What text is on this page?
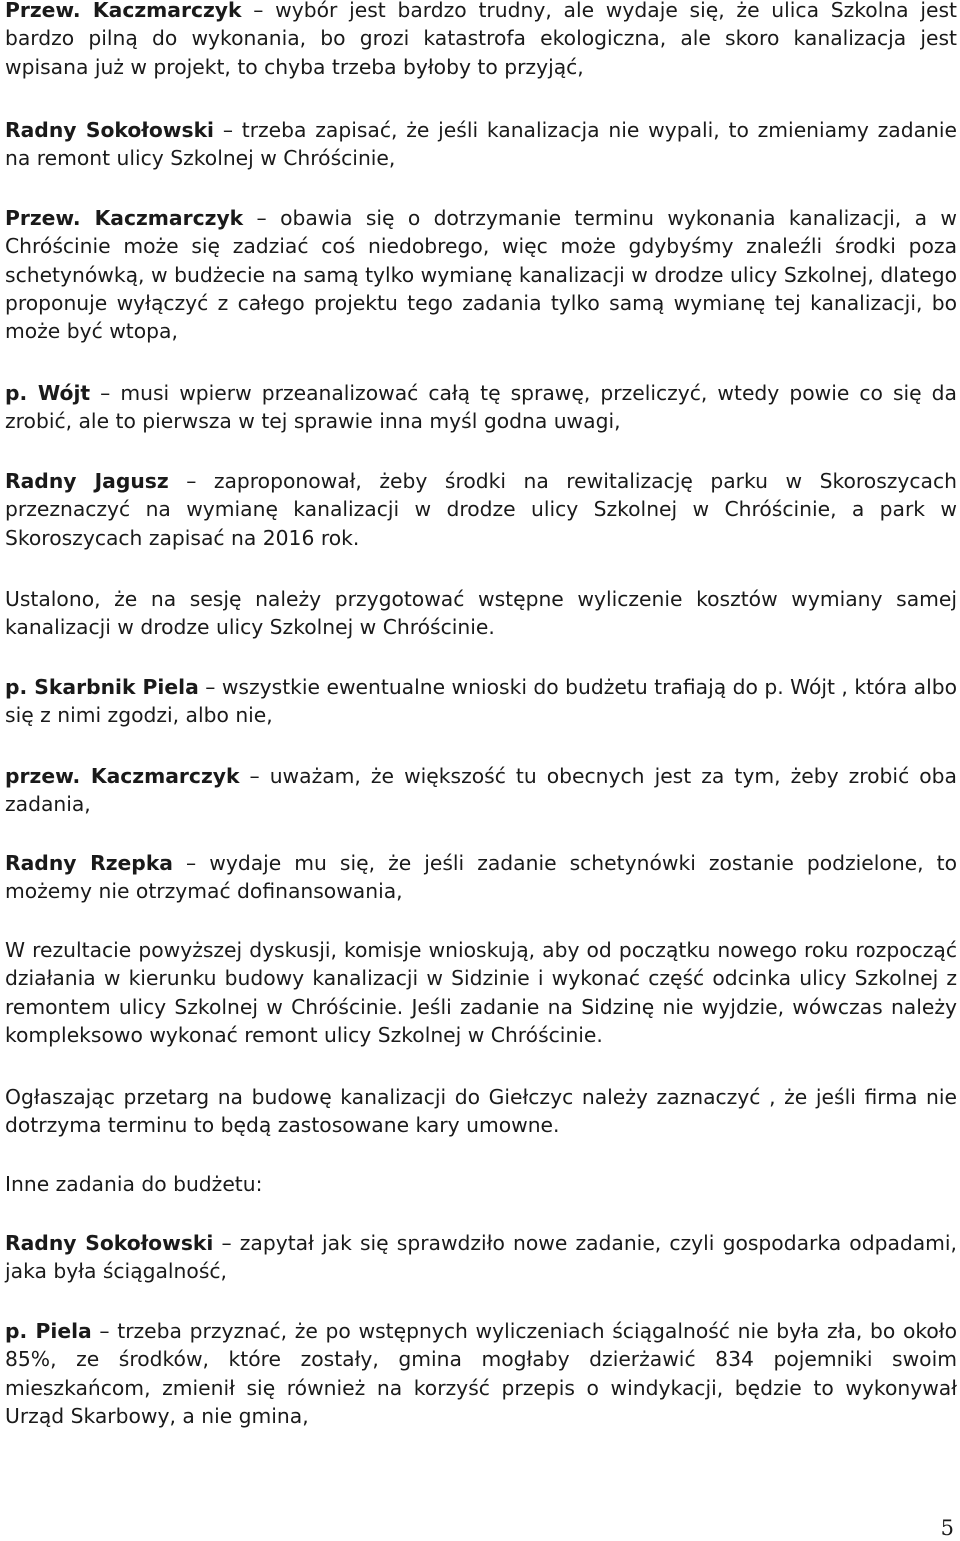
Przew. Kaczmarczyk – wybór jest bardzo trudny, ale wydaje się, że ulica Szkolna jest bardzo pilną do wykonania, bo grozi katastrofa ekologiczna, ale skoro kanalizacja jest wpisana już w projekt, to chyba trzeba byłoby to przyjąć,

Radny Sokołowski – trzeba zapisać, że jeśli kanalizacja nie wypali, to zmieniamy zadanie na remont ulicy Szkolnej w Chróścinie,

Przew. Kaczmarczyk – obawia się o dotrzymanie terminu wykonania kanalizacji, a w Chróścinie może się zadziać coś niedobrego, więc może gdybyśmy znaleźli środki poza schetynówką, w budżecie na samą tylko wymianę kanalizacji w drodze ulicy Szkolnej, dlatego proponuje wyłączyć z całego projektu tego zadania tylko samą wymianę tej kanalizacji, bo może być wtopa,

p. Wójt – musi wpierw przeanalizować całą tę sprawę, przeliczyć, wtedy powie co się da zrobić, ale to pierwsza w tej sprawie inna myśl godna uwagi,

Radny Jagusz – zaproponował, żeby środki na rewitalizację parku w Skoroszycach przeznaczyć na wymianę kanalizacji w drodze ulicy Szkolnej w Chróścinie, a park w Skoroszycach zapisać na 2016 rok.

Ustalono, że na sesję należy przygotować wstępne wyliczenie kosztów wymiany samej kanalizacji w drodze ulicy Szkolnej w Chróścinie.

p. Skarbnik Piela – wszystkie ewentualne wnioski do budżetu trafiają do p. Wójt , która albo się z nimi zgodzi, albo nie,

przew. Kaczmarczyk – uważam, że większość tu obecnych jest za tym, żeby zrobić oba zadania,

Radny Rzepka – wydaje mu się, że jeśli zadanie schetynówki zostanie podzielone, to możemy nie otrzymać dofinansowania,

W rezultacie powyższej dyskusji, komisje wnioskują, aby od początku nowego roku rozpocząć działania w kierunku budowy kanalizacji w Sidzinie i wykonać część odcinka ulicy Szkolnej z remontem ulicy Szkolnej w Chróścinie. Jeśli zadanie na Sidzinę nie wyjdzie, wówczas należy kompleksowo wykonać remont ulicy Szkolnej w Chróścinie.

Ogłaszając przetarg na budowę kanalizacji do Giełczyc należy zaznaczyć , że jeśli firma nie dotrzyma terminu to będą zastosowane kary umowne.

Inne zadania do budżetu:

Radny Sokołowski – zapytał jak się sprawdziło nowe zadanie, czyli gospodarka odpadami, jaka była ściągalność,

p. Piela – trzeba przyznać, że po wstępnych wyliczeniach ściągalność nie była zła, bo około 85%, ze środków, które zostały, gmina mogłaby dzierżawić 834 pojemniki swoim mieszkańcom, zmienił się również na korzyść przepis o windykacji, będzie to wykonywał Urząd Skarbowy, a nie gmina,

5
